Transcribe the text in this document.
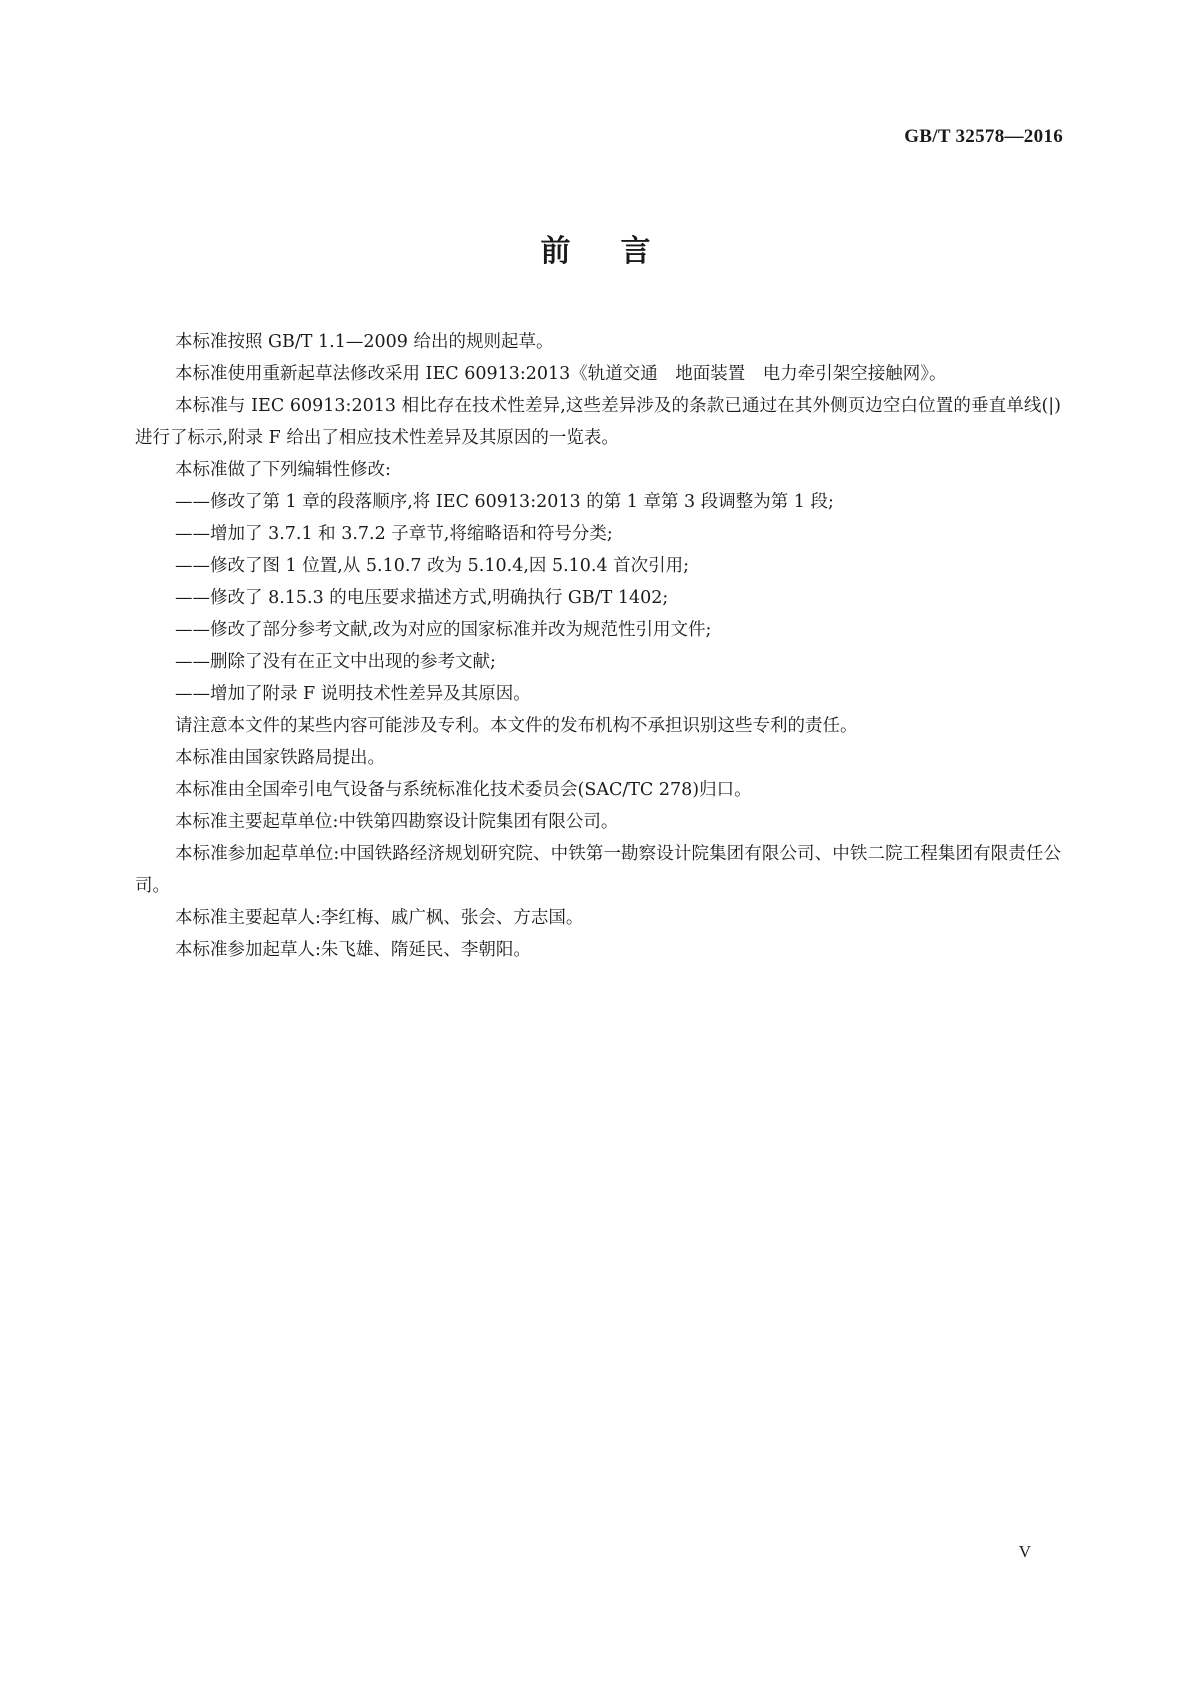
GB/T 32578—2016
前言

本标准按照 GB/T 1.1—2009 给出的规则起草。

本标准使用重新起草法修改采用 IEC 60913:2013《轨道交通　地面装置　电力牵引架空接触网》。

本标准与 IEC 60913:2013 相比存在技术性差异,这些差异涉及的条款已通过在其外侧页边空白位置的垂直单线(|)进行了标示,附录 F 给出了相应技术性差异及其原因的一览表。

本标准做了下列编辑性修改:

——修改了第 1 章的段落顺序,将 IEC 60913:2013 的第 1 章第 3 段调整为第 1 段;

——增加了 3.7.1 和 3.7.2 子章节,将缩略语和符号分类;

——修改了图 1 位置,从 5.10.7 改为 5.10.4,因 5.10.4 首次引用;

——修改了 8.15.3 的电压要求描述方式,明确执行 GB/T 1402;

——修改了部分参考文献,改为对应的国家标准并改为规范性引用文件;

——删除了没有在正文中出现的参考文献;

——增加了附录 F 说明技术性差异及其原因。

请注意本文件的某些内容可能涉及专利。本文件的发布机构不承担识别这些专利的责任。

本标准由国家铁路局提出。

本标准由全国牵引电气设备与系统标准化技术委员会(SAC/TC 278)归口。

本标准主要起草单位:中铁第四勘察设计院集团有限公司。

本标准参加起草单位:中国铁路经济规划研究院、中铁第一勘察设计院集团有限公司、中铁二院工程集团有限责任公司。

本标准主要起草人:李红梅、戚广枫、张会、方志国。

本标准参加起草人:朱飞雄、隋延民、李朝阳。

V
